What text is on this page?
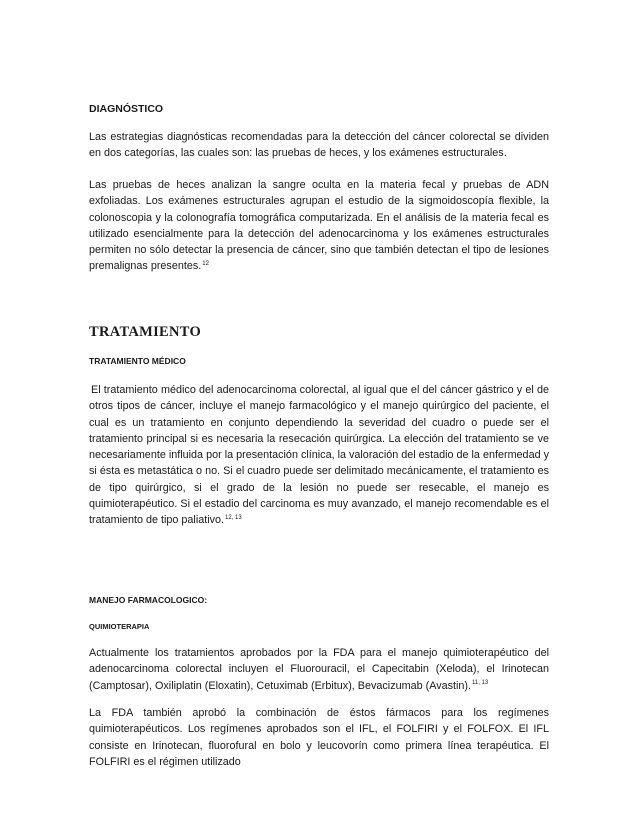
DIAGNÓSTICO

Las estrategias diagnósticas recomendadas para la detección del cáncer colorectal se dividen en dos categorías, las cuales son: las pruebas de heces, y los exámenes estructurales.

Las pruebas de heces analizan la sangre oculta en la materia fecal y pruebas de ADN exfoliadas. Los exámenes estructurales agrupan el estudio de la sigmoidoscopía flexible, la colonoscopia y la colonografía tomográfica computarizada. En el análisis de la materia fecal es utilizado esencialmente para la detección del adenocarcinoma y los exámenes estructurales permiten no sólo detectar la presencia de cáncer, sino que también detectan el tipo de lesiones premalignas presentes.$^{12}$

TRATAMIENTO
TRATAMIENTO MÉDICO

El tratamiento médico del adenocarcinoma colorectal, al igual que el del cáncer gástrico y el de otros tipos de cáncer, incluye el manejo farmacológico y el manejo quirúrgico del paciente, el cual es un tratamiento en conjunto dependiendo la severidad del cuadro o puede ser el tratamiento principal si es necesaria la resecación quirúrgica. La elección del tratamiento se ve necesariamente influida por la presentación clínica, la valoración del estadio de la enfermedad y si ésta es metastática o no. Si el cuadro puede ser delimitado mecánicamente, el tratamiento es de tipo quirúrgico, si el grado de la lesión no puede ser resecable, el manejo es quimioterapéutico. Si el estadio del carcinoma es muy avanzado, el manejo recomendable es el tratamiento de tipo paliativo.$^{12, 13}$

MANEJO FARMACOLOGICO:
QUIMIOTERAPIA

Actualmente los tratamientos aprobados por la FDA para el manejo quimioterapéutico del adenocarcinoma colorectal incluyen el Fluorouracil, el Capecitabin (Xeloda), el Irinotecan (Camptosar), Oxiliplatin (Eloxatin), Cetuximab (Erbitux), Bevacizumab (Avastin).$^{11, 13}$

La FDA también aprobó la combinación de éstos fármacos para los regímenes quimioterapéuticos. Los regímenes aprobados son el IFL, el FOLFIRI y el FOLFOX. El IFL consiste en Irinotecan, fluorofural en bolo y leucovorín como primera línea terapéutica. El FOLFIRI es el régimen utilizado
